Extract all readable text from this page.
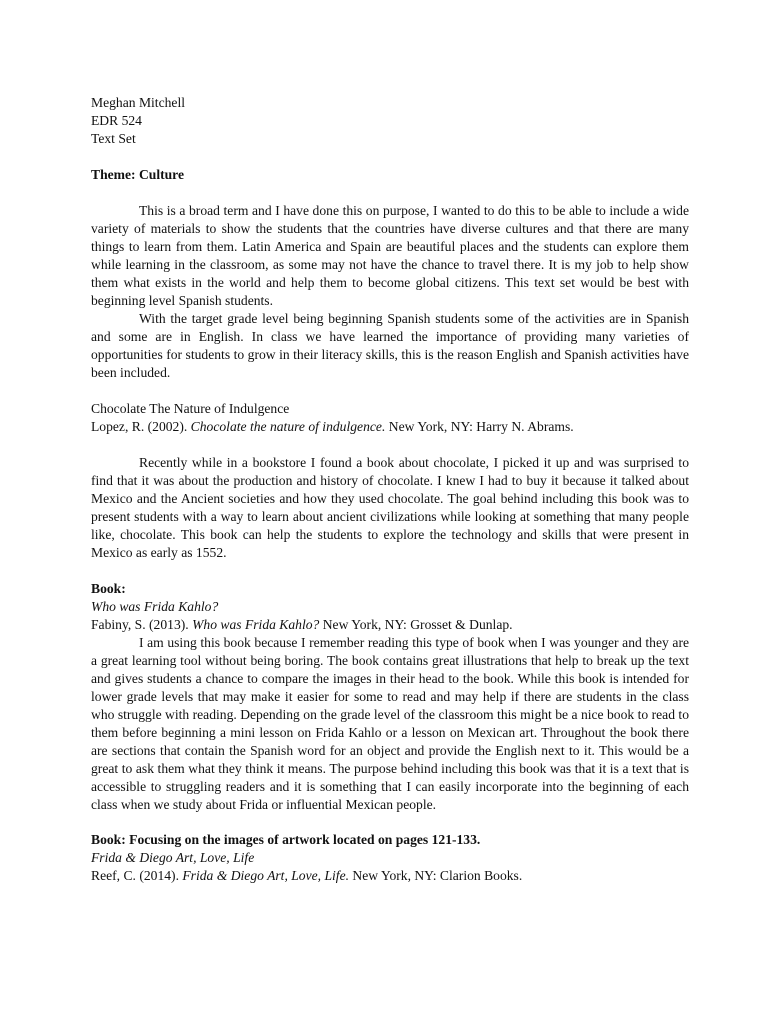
Meghan Mitchell

EDR 524

Text Set

Theme: Culture

This is a broad term and I have done this on purpose, I wanted to do this to be able to include a wide variety of materials to show the students that the countries have diverse cultures and that there are many things to learn from them. Latin America and Spain are beautiful places and the students can explore them while learning in the classroom, as some may not have the chance to travel there. It is my job to help show them what exists in the world and help them to become global citizens. This text set would be best with beginning level Spanish students.

With the target grade level being beginning Spanish students some of the activities are in Spanish and some are in English. In class we have learned the importance of providing many varieties of opportunities for students to grow in their literacy skills, this is the reason English and Spanish activities have been included.

Chocolate The Nature of Indulgence

Lopez, R. (2002). Chocolate the nature of indulgence. New York, NY: Harry N. Abrams.

Recently while in a bookstore I found a book about chocolate, I picked it up and was surprised to find that it was about the production and history of chocolate. I knew I had to buy it because it talked about Mexico and the Ancient societies and how they used chocolate. The goal behind including this book was to present students with a way to learn about ancient civilizations while looking at something that many people like, chocolate. This book can help the students to explore the technology and skills that were present in Mexico as early as 1552.

Book:

Who was Frida Kahlo?

Fabiny, S. (2013). Who was Frida Kahlo? New York, NY: Grosset & Dunlap.

I am using this book because I remember reading this type of book when I was younger and they are a great learning tool without being boring. The book contains great illustrations that help to break up the text and gives students a chance to compare the images in their head to the book. While this book is intended for lower grade levels that may make it easier for some to read and may help if there are students in the class who struggle with reading. Depending on the grade level of the classroom this might be a nice book to read to them before beginning a mini lesson on Frida Kahlo or a lesson on Mexican art. Throughout the book there are sections that contain the Spanish word for an object and provide the English next to it. This would be a great to ask them what they think it means. The purpose behind including this book was that it is a text that is accessible to struggling readers and it is something that I can easily incorporate into the beginning of each class when we study about Frida or influential Mexican people.

Book: Focusing on the images of artwork located on pages 121-133.

Frida & Diego Art, Love, Life

Reef, C. (2014). Frida & Diego Art, Love, Life. New York, NY: Clarion Books.
